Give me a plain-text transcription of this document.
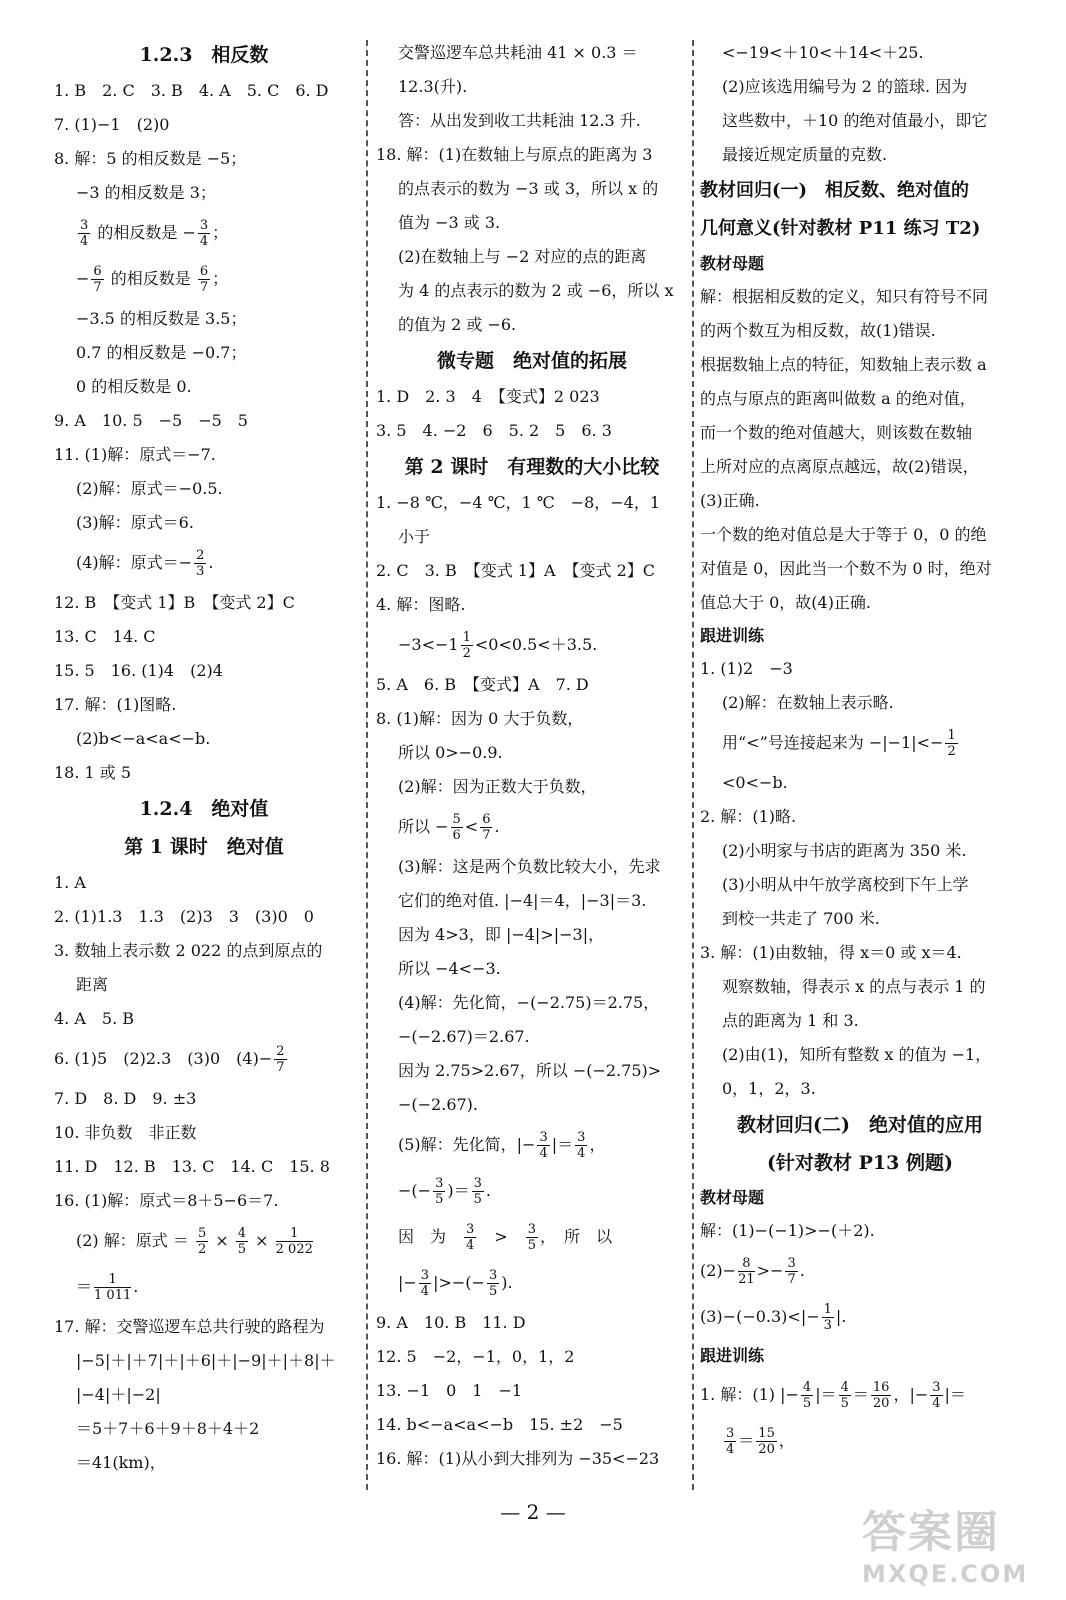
1.2.3　相反数
1. B　2. C　3. B　4. A　5. C　6. D
7. (1)−1　(2)0
8. 解：5 的相反数是 −5；
−3 的相反数是 3；
$\frac{3}{4}$ 的相反数是 − $\frac{3}{4}$ ；
− $\frac{6}{7}$ 的相反数是 $\frac{6}{7}$ ；
−3.5 的相反数是 3.5；
0.7 的相反数是 −0.7；
0 的相反数是 0.
9. A　10. 5　−5　−5　5
11. (1)解：原式＝−7.
(2)解：原式＝−0.5.
(3)解：原式＝6.
(4)解：原式＝− $\frac{2}{3}$ .
12. B　【变式 1】B　【变式 2】C
13. C　14. C
15. 5　16. (1)4　(2)4
17. 解：(1)图略.
(2)b<−a<a<−b.
18. 1 或 5
1.2.4　绝对值
第 1 课时　绝对值
1. A
2. (1)1.3　1.3　(2)3　3　(3)0　0
3. 数轴上表示数 2 022 的点到原点的
距离
4. A　5. B
6. (1)5　(2)2.3　(3)0　$(4)- \frac{2}{7}$
7. D　8. D　9. ±3
10. 非负数　非正数
11. D　12. B　13. C　14. C　15. 8
16. (1)解：原式＝8＋5−6＝7.
(2) 解：原式 ＝ $\frac{5}{2} \times \frac{4}{5} \times \frac{1}{2 022}$
＝ $\frac{1}{1 011}$ .
17. 解：交警巡逻车总共行驶的路程为
|−5|＋|＋7|＋|＋6|＋|−9|＋|＋8|＋
|−4|＋|−2|
＝5＋7＋6＋9＋8＋4＋2
＝41(km)，
交警巡逻车总共耗油 41 × 0.3 ＝
12.3(升).
答：从出发到收工共耗油 12.3 升.
18. 解：(1)在数轴上与原点的距离为 3
的点表示的数为 −3 或 3，所以 x 的
值为 −3 或 3.
(2)在数轴上与 −2 对应的点的距离
为 4 的点表示的数为 2 或 −6，所以 x
的值为 2 或 −6.
微专题　绝对值的拓展
1. D　2. 3　4　【变式】2 023
3. 5　4. −2　6　5. 2　5　6. 3
第 2 课时　有理数的大小比较
1. −8 ℃，−4 ℃，1 ℃　−8，−4，1
小于
2. C　3. B　【变式 1】A　【变式 2】C
4. 解：图略.
$-3<-1 \frac{1}{2} <0<0.5<+3.5$.
5. A　6. B　【变式】A　7. D
8. (1)解：因为 0 大于负数，
所以 0>−0.9.
(2)解：因为正数大于负数，
所以 − $\frac{5}{6} < \frac{6}{7}$ .
(3)解：这是两个负数比较大小，先求
它们的绝对值. |−4|＝4，|−3|＝3.
因为 4>3，即 |−4|>|−3|，
所以 −4<−3.
(4)解：先化简，−(−2.75)＝2.75，
−(−2.67)＝2.67.
因为 2.75>2.67，所以 −(−2.75)>
−(−2.67).
(5)解：先化简，|− $\frac{3}{4}$ |＝ $\frac{3}{4}$ ，
−(− $\frac{3}{5}$ )＝ $\frac{3}{5}$ .
因　为　 $\frac{3}{4}$ 　>　 $\frac{3}{5}$ ，　所　以
|− $\frac{3}{4}$ |>−(− $\frac{3}{5}$ ).
9. A　10. B　11. D
12. 5　−2，−1，0，1，2
13. −1　0　1　−1
14. b<−a<a<−b　15. ±2　−5
16. 解：(1)从小到大排列为 −35<−23
<−19<＋10<＋14<＋25.
(2)应该选用编号为 2 的篮球. 因为
这些数中，＋10 的绝对值最小，即它
最接近规定质量的克数.
教材回归(一)　相反数、绝对值的
几何意义(针对教材 P11 练习 T2)
教材母题
解：根据相反数的定义，知只有符号不同
的两个数互为相反数，故(1)错误.
根据数轴上点的特征，知数轴上表示数 a
的点与原点的距离叫做数 a 的绝对值，
而一个数的绝对值越大，则该数在数轴
上所对应的点离原点越远，故(2)错误，
(3)正确.
一个数的绝对值总是大于等于 0，0 的绝
对值是 0，因此当一个数不为 0 时，绝对
值总大于 0，故(4)正确.
跟进训练
1. (1)2　−3
(2)解：在数轴上表示略.
用“<”号连接起来为 $-|-1|<- \frac{1}{2}$
<0<−b.
2. 解：(1)略.
(2)小明家与书店的距离为 350 米.
(3)小明从中午放学离校到下午上学
到校一共走了 700 米.
3. 解：(1)由数轴，得 x＝0 或 x＝4.
观察数轴，得表示 x 的点与表示 1 的
点的距离为 1 和 3.
(2)由(1)，知所有整数 x 的值为 −1，
0，1，2，3.
教材回归(二)　绝对值的应用
(针对教材 P13 例题)
教材母题
解：(1)−(−1)>−(＋2).
$(2)- \frac{8}{21} >- \frac{3}{7}$ .
$(3)-(-0.3)<|- \frac{1}{3}$ |.
跟进训练
1. 解：(1) |− $\frac{4}{5}$ |＝ $\frac{4}{5} = \frac{16}{20}$ ，|− $\frac{3}{4}$ |＝
$\frac{3}{4} = \frac{15}{20}$ ，
— 2 —	答案圈
MXQE.COM
